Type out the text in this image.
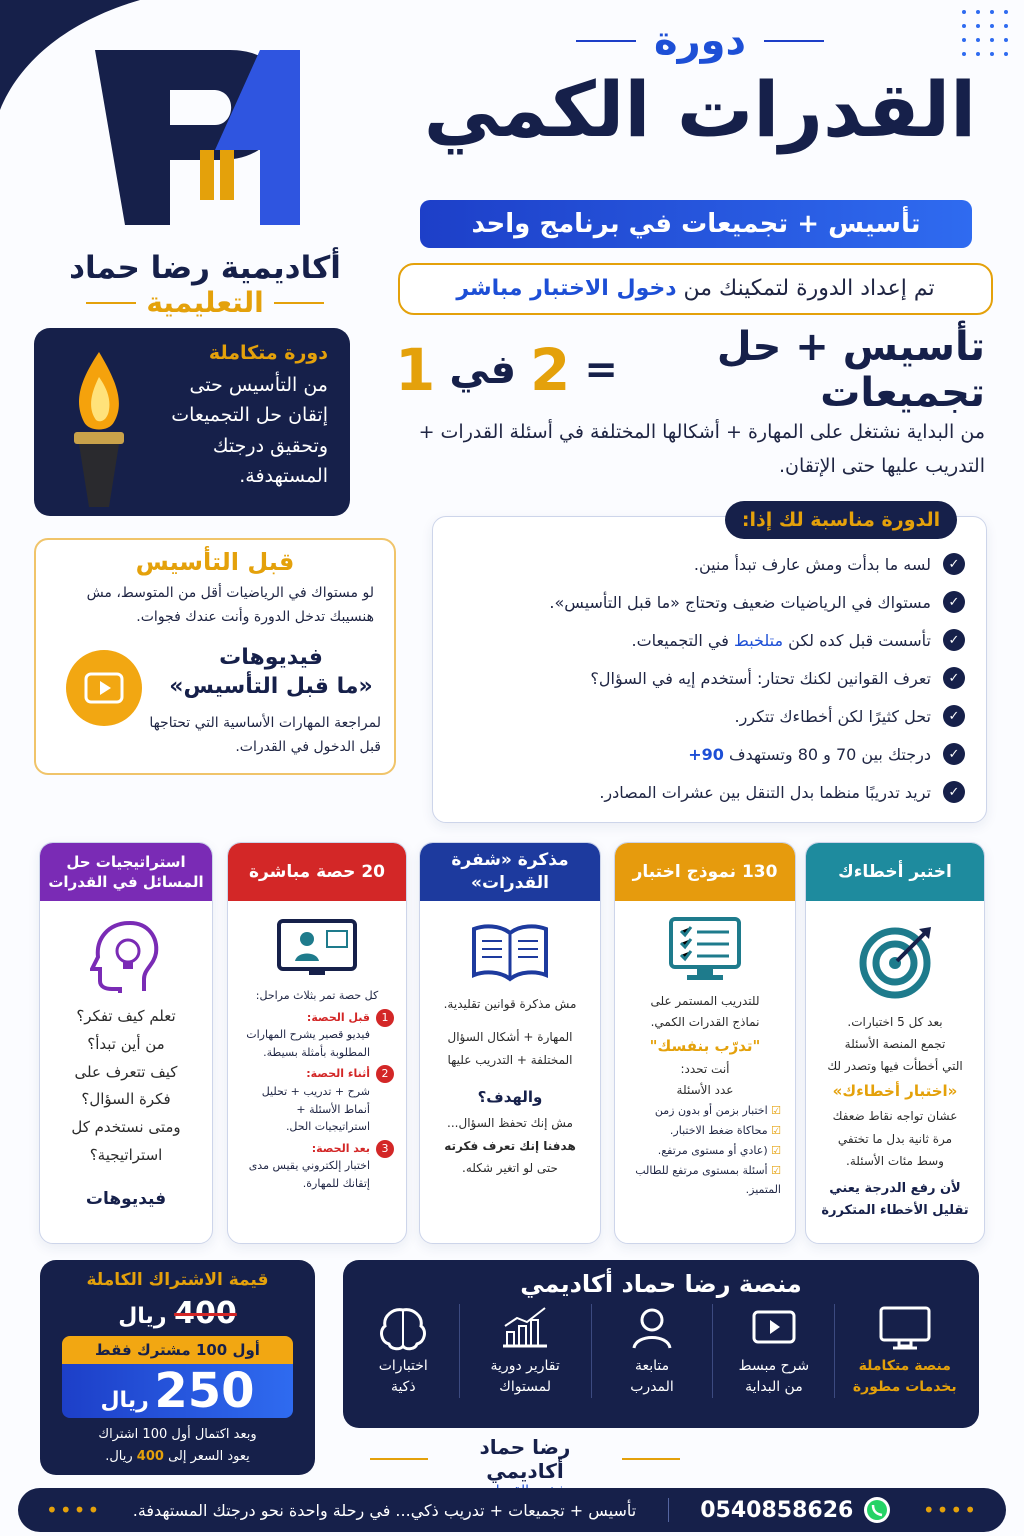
أكاديمية رضا حماد
التعليمية
دورة
القدرات الكمي
تأسيس + تجميعات في برنامج واحد
تم إعداد الدورة لتمكينك من دخول الاختبار مباشر
تأسيس + حل تجميعات
=
2
في
1
من البداية نشتغل على المهارة + أشكالها المختلفة في أسئلة القدرات + التدريب عليها حتى الإتقان.
دورة متكاملة
من التأسيس حتى
إتقان حل التجميعات
وتحقيق درجتك
المستهدفة.
قبل التأسيس
لو مستواك في الرياضيات أقل من المتوسط، مش هنسيبك تدخل الدورة وأنت عندك فجوات.
فيديوهات
«ما قبل التأسيس»
لمراجعة المهارات الأساسية التي تحتاجها قبل الدخول في القدرات.
الدورة مناسبة لك إذا:
✓
لسه ما بدأت ومش عارف تبدأ منين.
✓
مستواك في الرياضيات ضعيف وتحتاج «ما قبل التأسيس».
✓
تأسست قبل كده لكن متلخبط في التجميعات.
✓
تعرف القوانين لكنك تحتار: أستخدم إيه في السؤال؟
✓
تحل كثيرًا لكن أخطاءك تتكرر.
✓
درجتك بين 70 و 80 وتستهدف +90
✓
تريد تدريبًا منظما بدل التنقل بين عشرات المصادر.
اختبر أخطاءك
بعد كل 5 اختبارات.
تجمع المنصة الأسئلة
التي أخطأت فيها وتصدر لك
«اختبار أخطاءك»
عشان تواجه نقاط ضعفك
مرة ثانية بدل ما تختفي
وسط مئات الأسئلة.
لأن رفع الدرجة يعني تقليل الأخطاء المتكررة
130 نموذج اختبار
للتدريب المستمر على
نماذج القدرات الكمي.
"تدرّب بنفسك"
أنت تحدد:
عدد الأسئلة
☑ اختبار بزمن أو بدون زمن
☑ محاكاة ضغط الاختبار.
☑ (عادي أو مستوى مرتفع.
☑ أسئلة بمستوى مرتفع للطالب المتميز.
مذكرة «شفرة القدرات»
مش مذكرة قوانين تقليدية.
المهارة + أشكال السؤال
المختلفة + التدريب عليها
والهدف؟
مش إنك تحفظ السؤال...
هدفنا إنك تعرف فكرته
حتى لو اتغير شكله.
20 حصة مباشرة
كل حصة تمر بثلاث مراحل:
1
قبل الحصة:
فيديو قصير يشرح المهارات المطلوبة بأمثلة بسيطة.
2
أثناء الحصة:
شرح + تدريب + تحليل أنماط الأسئلة + استراتيجيات الحل.
3
بعد الحصة:
اختبار إلكتروني يقيس مدى إتقانك للمهارة.
استراتيجيات حل المسائل في القدرات
تعلم كيف تفكر؟
من أين تبدأ؟
كيف تتعرف على
فكرة السؤال؟
ومتى نستخدم كل
استراتيجية؟
فيديوهات
قيمة الاشتراك الكاملة
400 ريال
أول 100 مشترك فقط
250 ريال
وبعد اكتمال أول 100 اشتراك
يعود السعر إلى 400 ريال.
منصة رضا حماد أكاديمي
منصة متكاملة
بخدمات مطورة
شرح مبسط
من البداية
متابعة
المدرب
تقارير دورية
لمستواك
اختبارات
ذكية
رضا حماد أكاديمي
••••
0540858626
تأسيس + تجميعات + تدريب ذكي... في رحلة واحدة نحو درجتك المستهدفة.
••••
